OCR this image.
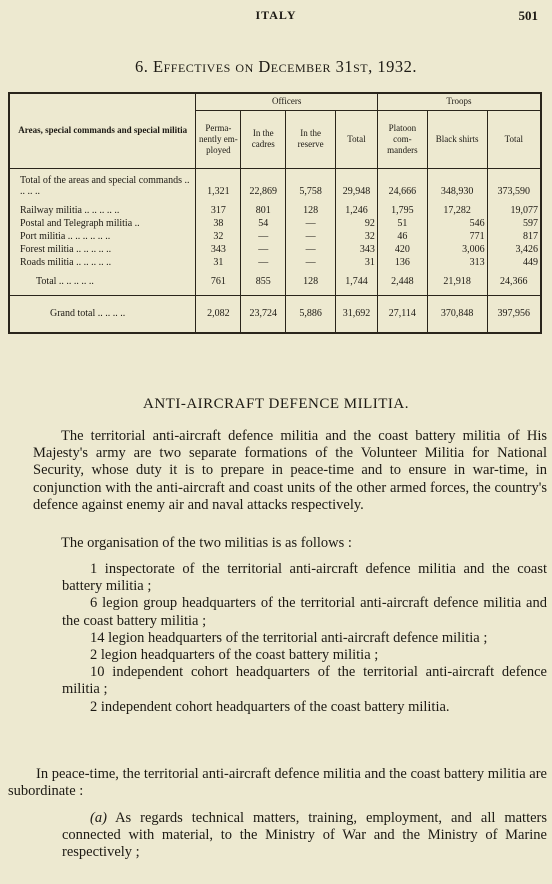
ITALY	501
6. Effectives on December 31st, 1932.
Areas, special commands and special militia	Officers				Troops		
	Perma- nently em- ployed	In the cadres	In the reserve	Total	Platoon com- manders	Black shirts	Total
Total of the areas and special commands .. .. .. ..	1,321	22,869	5,758	29,948	24,666	348,930	373,590
Railway militia .. .. .. .. ..	317	801	128	1,246	1,795	17,282	19,077
Postal and Telegraph militia ..	38	54	—	92	51	546	597
Port militia .. .. .. .. .. ..	32	—	—	32	46	771	817
Forest militia .. .. .. .. ..	343	—	—	343	420	3,006	3,426
Roads militia .. .. .. .. ..	31	—	—	31	136	313	449
Total .. .. .. .. ..	761	855	128	1,744	2,448	21,918	24,366
Grand total .. .. .. ..	2,082	23,724	5,886	31,692	27,114	370,848	397,956
ANTI-AIRCRAFT DEFENCE MILITIA.
The territorial anti-aircraft defence militia and the coast battery militia of His Majesty's army are two separate formations of the Volunteer Militia for National Security, whose duty it is to prepare in peace-time and to ensure in war-time, in conjunction with the anti-aircraft and coast units of the other armed forces, the country's defence against enemy air and naval attacks respectively.
The organisation of the two militias is as follows :
1 inspectorate of the territorial anti-aircraft defence militia and the coast battery militia ;
6 legion group headquarters of the territorial anti-aircraft defence militia and the coast battery militia ;
14 legion headquarters of the territorial anti-aircraft defence militia ;
2 legion headquarters of the coast battery militia ;
10 independent cohort headquarters of the territorial anti-aircraft defence militia ;
2 independent cohort headquarters of the coast battery militia.
In peace-time, the territorial anti-aircraft defence militia and the coast battery militia are subordinate :
(a) As regards technical matters, training, employment, and all matters connected with material, to the Ministry of War and the Ministry of Marine respectively ;
